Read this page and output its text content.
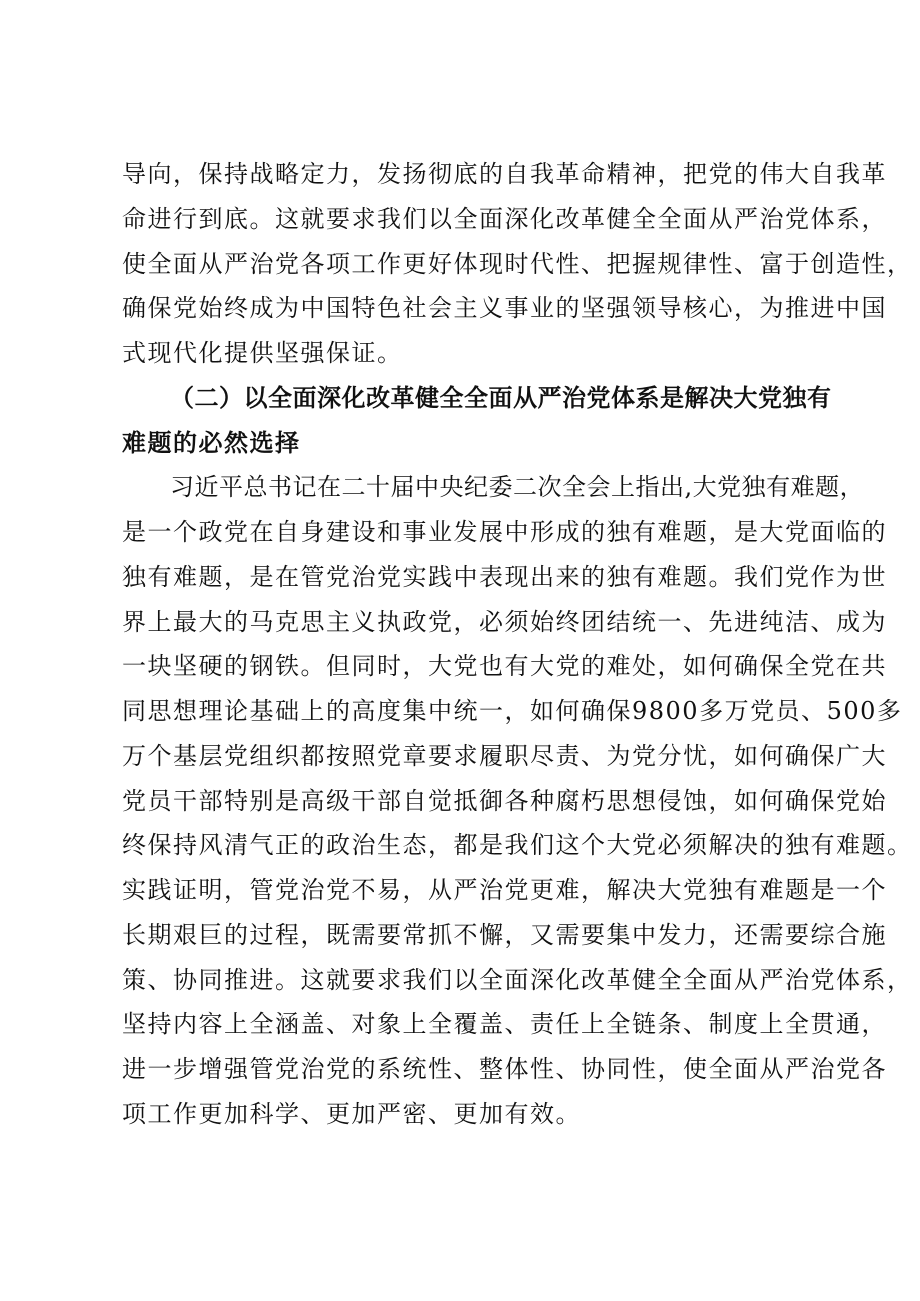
导向，保持战略定力，发扬彻底的自我革命精神，把党的伟大自我革
命进行到底。这就要求我们以全面深化改革健全全面从严治党体系，
使全面从严治党各项工作更好体现时代性、把握规律性、富于创造性，
确保党始终成为中国特色社会主义事业的坚强领导核心，为推进中国
式现代化提供坚强保证。
（二）以全面深化改革健全全面从严治党体系是解决大党独有
难题的必然选择
习近平总书记在二十届中央纪委二次全会上指出,大党独有难题，
是一个政党在自身建设和事业发展中形成的独有难题，是大党面临的
独有难题，是在管党治党实践中表现出来的独有难题。我们党作为世
界上最大的马克思主义执政党，必须始终团结统一、先进纯洁、成为
一块坚硬的钢铁。但同时，大党也有大党的难处，如何确保全党在共
同思想理论基础上的高度集中统一，如何确保9800多万党员、500多
万个基层党组织都按照党章要求履职尽责、为党分忧，如何确保广大
党员干部特别是高级干部自觉抵御各种腐朽思想侵蚀，如何确保党始
终保持风清气正的政治生态，都是我们这个大党必须解决的独有难题。
实践证明，管党治党不易，从严治党更难，解决大党独有难题是一个
长期艰巨的过程，既需要常抓不懈，又需要集中发力，还需要综合施
策、协同推进。这就要求我们以全面深化改革健全全面从严治党体系，
坚持内容上全涵盖、对象上全覆盖、责任上全链条、制度上全贯通，
进一步增强管党治党的系统性、整体性、协同性，使全面从严治党各
项工作更加科学、更加严密、更加有效。
